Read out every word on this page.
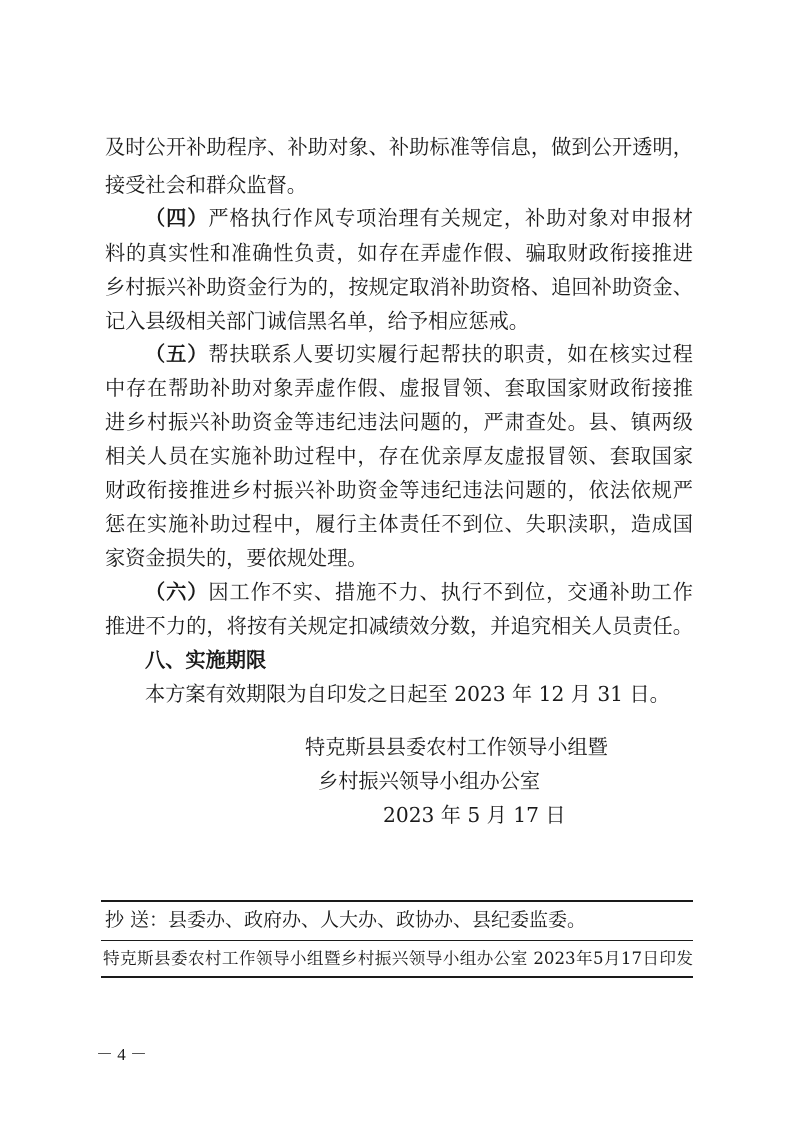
及时公开补助程序、补助对象、补助标准等信息，做到公开透明，
接受社会和群众监督。
（四）严格执行作风专项治理有关规定，补助对象对申报材
料的真实性和准确性负责，如存在弄虚作假、骗取财政衔接推进
乡村振兴补助资金行为的，按规定取消补助资格、追回补助资金、
记入县级相关部门诚信黑名单，给予相应惩戒。
（五）帮扶联系人要切实履行起帮扶的职责，如在核实过程
中存在帮助补助对象弄虚作假、虚报冒领、套取国家财政衔接推
进乡村振兴补助资金等违纪违法问题的，严肃查处。县、镇两级
相关人员在实施补助过程中，存在优亲厚友虚报冒领、套取国家
财政衔接推进乡村振兴补助资金等违纪违法问题的，依法依规严
惩在实施补助过程中，履行主体责任不到位、失职渎职，造成国
家资金损失的，要依规处理。
（六）因工作不实、措施不力、执行不到位，交通补助工作
推进不力的，将按有关规定扣减绩效分数，并追究相关人员责任。
八、实施期限
本方案有效期限为自印发之日起至 2023 年 12 月 31 日。
特克斯县县委农村工作领导小组暨
乡村振兴领导小组办公室
2023 年 5 月 17 日
抄 送：县委办、政府办、人大办、政协办、县纪委监委。
特克斯县委农村工作领导小组暨乡村振兴领导小组办公室 2023年5月17日印发
－ 4 －
